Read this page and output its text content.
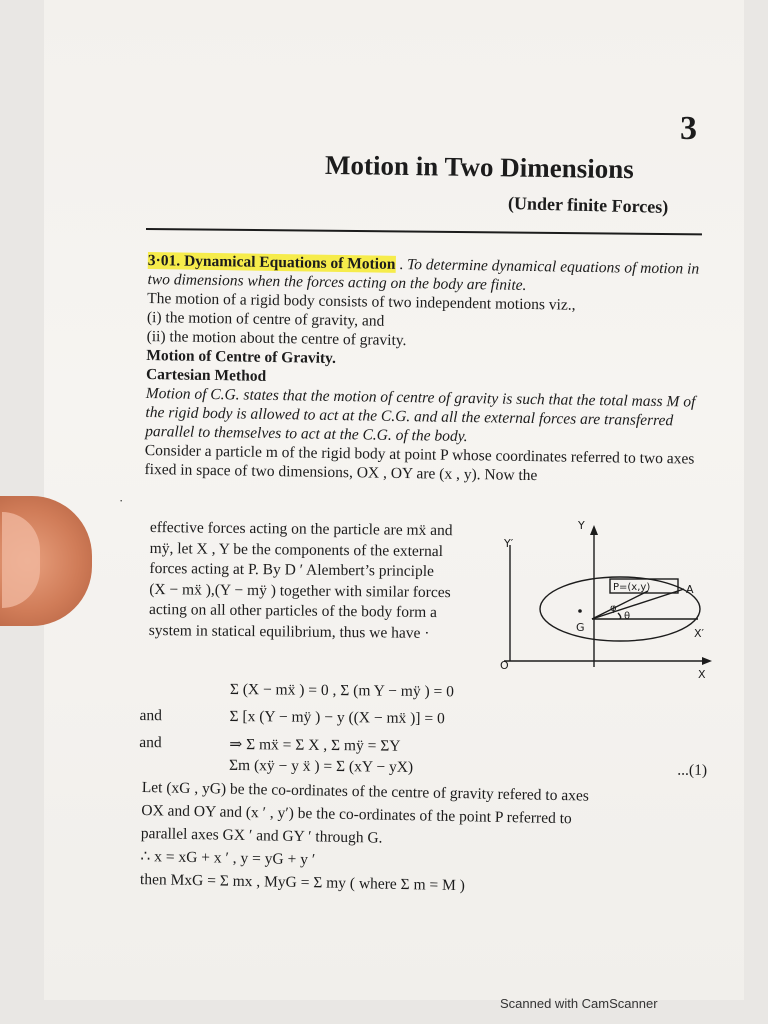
3
Motion in Two Dimensions
(Under finite Forces)

3·01. Dynamical Equations of Motion . To determine dynamical equations of motion in two dimensions when the forces acting on the body are finite.

The motion of a rigid body consists of two independent motions viz.,

(i) the motion of centre of gravity, and

(ii) the motion about the centre of gravity.

Motion of Centre of Gravity.

Cartesian Method

Motion of C.G. states that the motion of centre of gravity is such that the total mass M of the rigid body is allowed to act at the C.G. and all the external forces are transferred parallel to themselves to act at the C.G. of the body.

Consider a particle m of the rigid body at point P whose coordinates referred to two axes fixed in space of two dimensions, OX , OY are (x , y). Now the

effective forces acting on the particle are mẍ and

mÿ, let X , Y be the components of the external

forces acting at P. By D ′ Alembert’s principle

(X − mẍ ),(Y − mÿ ) together with similar forces

acting on all other particles of the body form a

system in statical equilibrium, thus we have ·

Y
Y′
P=(x,y)	A
G
φ
θ
X′
O
X
Σ (X − mẍ ) = 0 , Σ (m Y − mÿ ) = 0
and	Σ [x (Y − mÿ ) − y ((X − mẍ )] = 0
and	⇒ Σ mẍ = Σ X , Σ mÿ = ΣY
Σm (xÿ − y ẍ ) = Σ (xY − yX)	...(1)

Let (xG , yG) be the co-ordinates of the centre of gravity refered to axes

OX and OY and (x ′ , y′) be the co-ordinates of the point P referred to

parallel axes GX ′ and GY ′ through G.

∴ x = xG + x ′ , y = yG + y ′

then MxG = Σ mx , MyG = Σ my ( where Σ m = M )

·
Scanned with CamScanner
